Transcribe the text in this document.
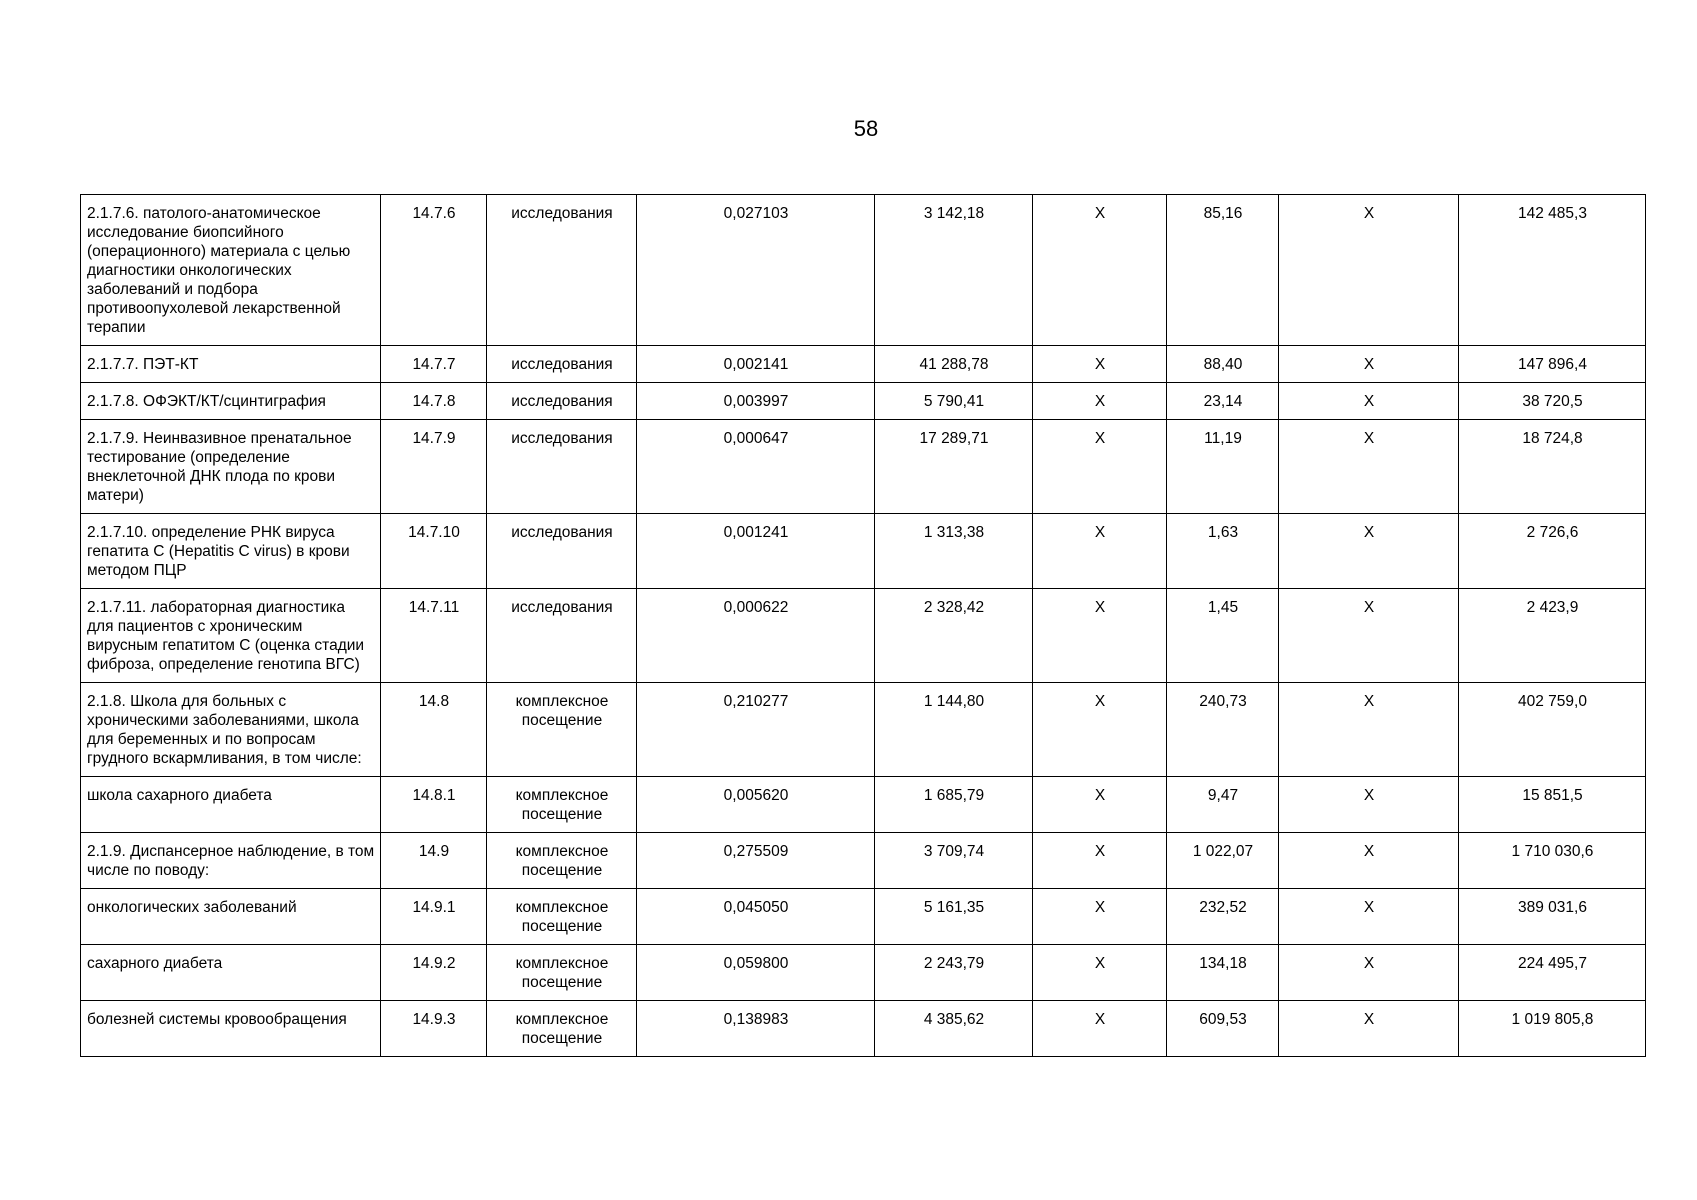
58
2.1.7.6. патолого-анатомическое исследование биопсийного (операционного) материала с целью диагностики онкологических заболеваний и подбора противоопухолевой лекарственной терапии	14.7.6	исследования	0,027103	3 142,18	Х	85,16	Х	142 485,3
2.1.7.7. ПЭТ-КТ	14.7.7	исследования	0,002141	41 288,78	Х	88,40	Х	147 896,4
2.1.7.8. ОФЭКТ/КТ/сцинтиграфия	14.7.8	исследования	0,003997	5 790,41	Х	23,14	Х	38 720,5
2.1.7.9. Неинвазивное пренатальное тестирование (определение внеклеточной ДНК плода по крови матери)	14.7.9	исследования	0,000647	17 289,71	Х	11,19	Х	18 724,8
2.1.7.10. определение РНК вируса гепатита С (Hepatitis C virus) в крови методом ПЦР	14.7.10	исследования	0,001241	1 313,38	Х	1,63	Х	2 726,6
2.1.7.11. лабораторная диагностика для пациентов с хроническим вирусным гепатитом С (оценка стадии фиброза, определение генотипа ВГС)	14.7.11	исследования	0,000622	2 328,42	Х	1,45	Х	2 423,9
2.1.8. Школа для больных с хроническими заболеваниями, школа для беременных и по вопросам грудного вскармливания, в том числе:	14.8	комплексное посещение	0,210277	1 144,80	Х	240,73	Х	402 759,0
школа сахарного диабета	14.8.1	комплексное посещение	0,005620	1 685,79	Х	9,47	Х	15 851,5
2.1.9. Диспансерное наблюдение, в том числе по поводу:	14.9	комплексное посещение	0,275509	3 709,74	Х	1 022,07	Х	1 710 030,6
онкологических заболеваний	14.9.1	комплексное посещение	0,045050	5 161,35	Х	232,52	Х	389 031,6
сахарного диабета	14.9.2	комплексное посещение	0,059800	2 243,79	Х	134,18	Х	224 495,7
болезней системы кровообращения	14.9.3	комплексное посещение	0,138983	4 385,62	Х	609,53	Х	1 019 805,8
